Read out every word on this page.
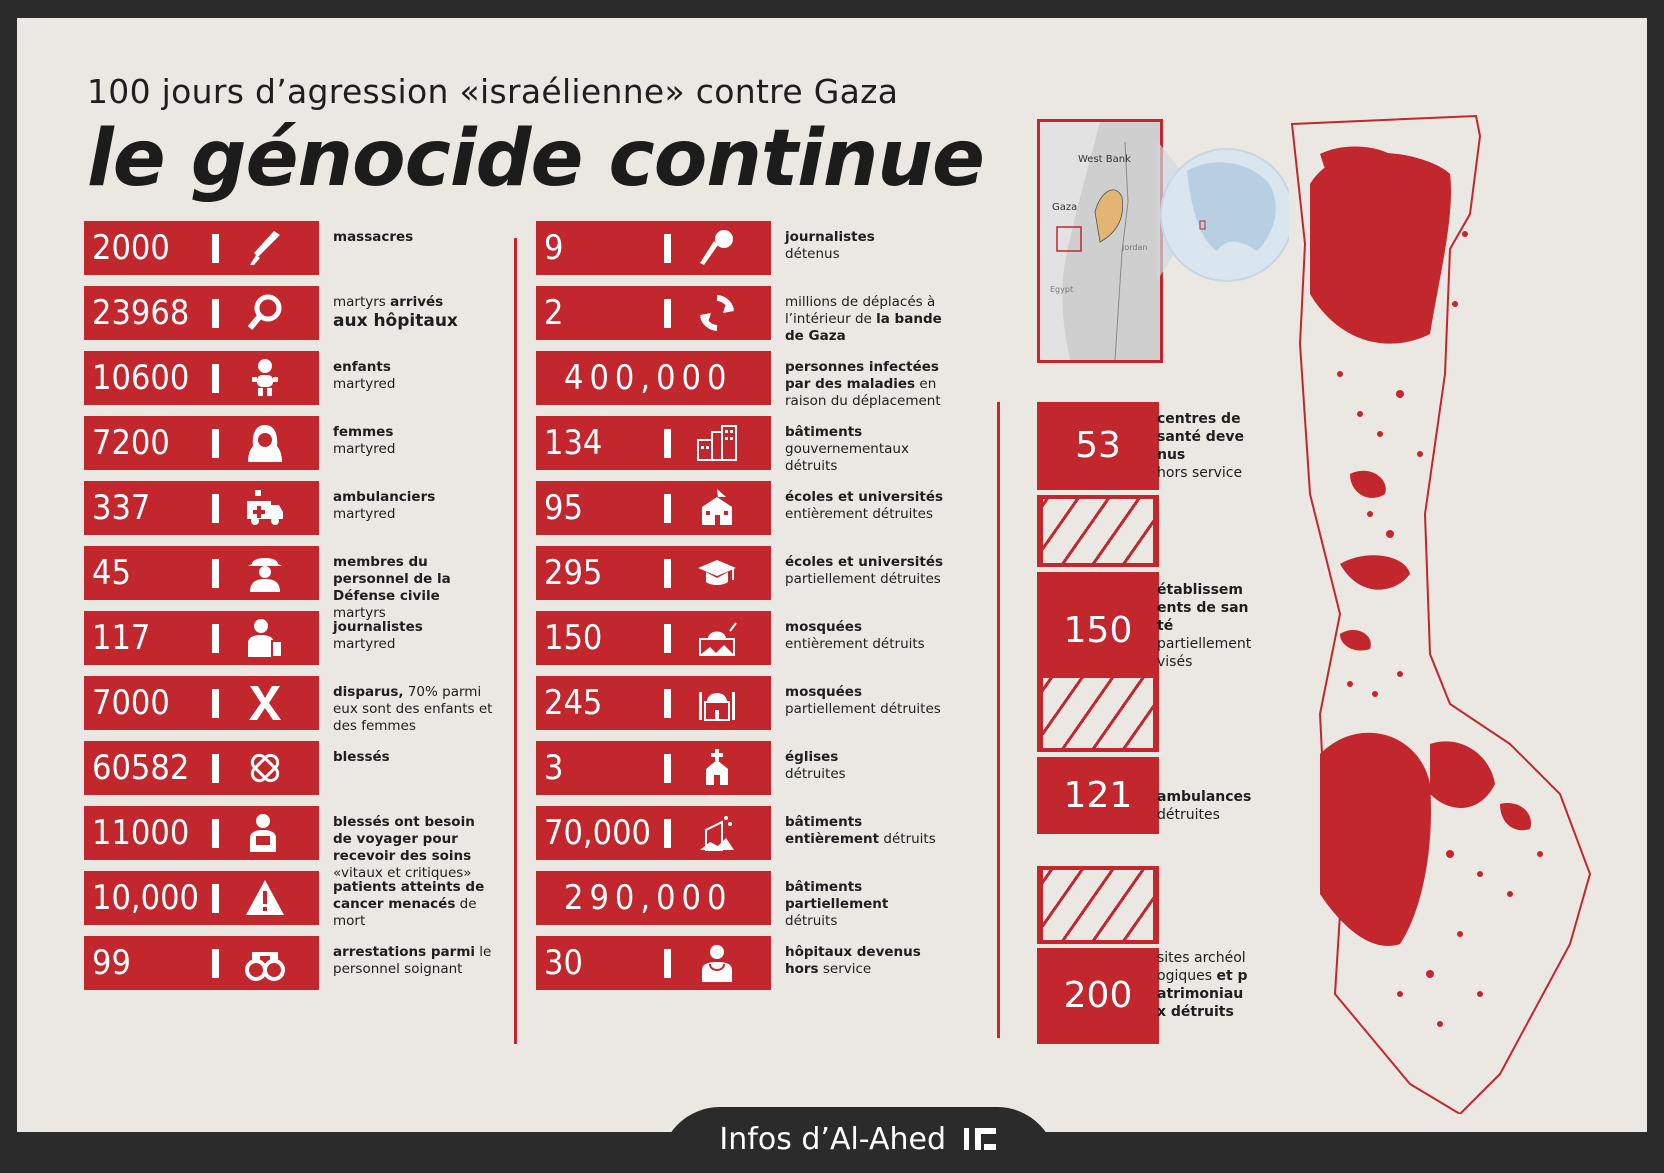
100 jours d’agression «israélienne» contre Gaza
le génocide continue	West Bank
Gaza
Egypt
Jordan
2000	massacres
23968	martyrs arrivés
aux hôpitaux
10600	enfants
martyred
7200	femmes
martyred
337	ambulanciers
martyred
45	membres du personnel de la Défense civile
martyrs
117	journalistes
martyred
7000	disparus, 70% parmi eux sont des enfants et des femmes
60582	blessés
11000	blessés ont besoin de voyager pour recevoir des soins «vitaux et critiques»
10,000	patients atteints de cancer menacés de mort
99	arrestations parmi le personnel soignant
9	journalistes
détenus
2	millions de déplacés à l’intérieur de la bande de Gaza
400,000	personnes infectées par des maladies en raison du déplacement
134	bâtiments
gouvernementaux détruits
95	écoles et universités
entièrement détruites
295	écoles et universités
partiellement détruites
150	mosquées
entièrement détruits
245	mosquées
partiellement détruites
3	églises
détruites
70,000	bâtiments
entièrement détruits
290,000	bâtiments partiellement
détruits
30	hôpitaux devenus
hors service
53
centres de santé devenus
hors service
150
établissements de santé
partiellement visés
121	ambulances
détruites
200
sites archéologiques et patrimoniaux détruits
Infos d’Al-Ahed
